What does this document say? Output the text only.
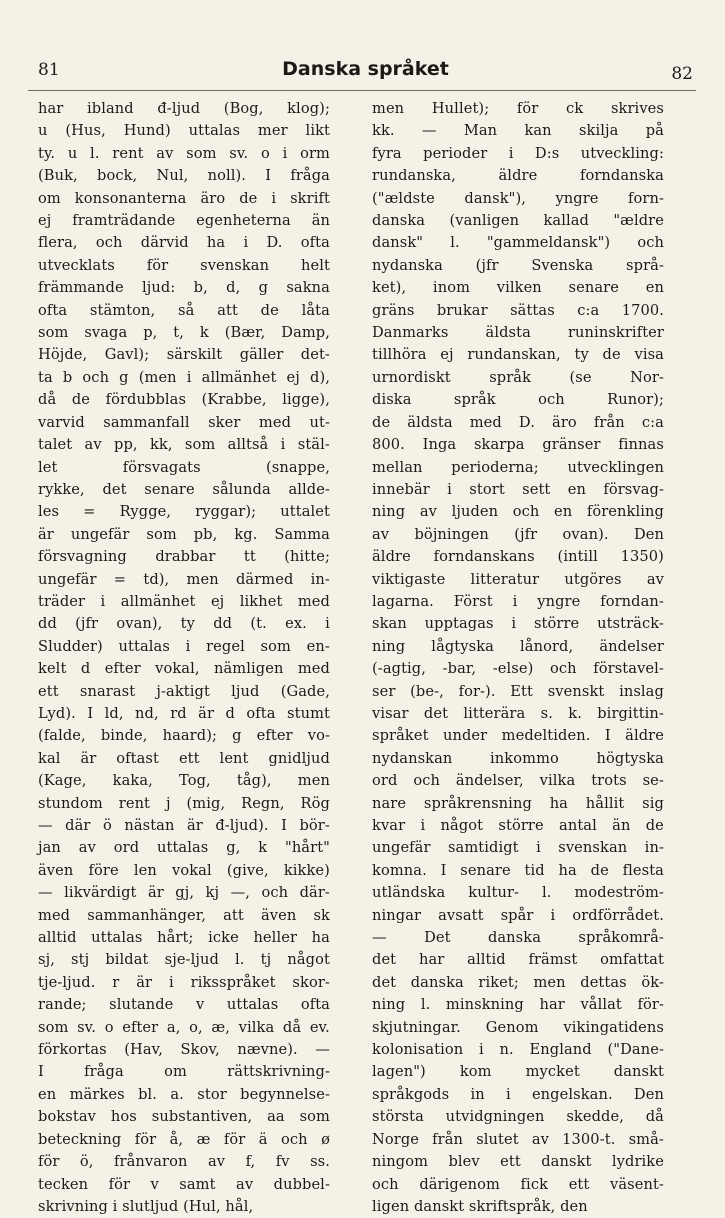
81	Danska språket	82
har ibland đ-ljud (Bog, klog);
u (Hus, Hund) uttalas mer likt
ty. u l. rent av som sv. o i orm
(Buk, bock, Nul, noll). I fråga
om konsonanterna äro de i skrift
ej framträdande egenheterna än
flera, och därvid ha i D. ofta
utvecklats för svenskan helt
främmande ljud: b, d, g sakna
ofta stämton, så att de låta
som svaga p, t, k (Bær, Damp,
Höjde, Gavl); särskilt gäller det-
ta b och g (men i allmänhet ej d),
då de fördubblas (Krabbe, ligge),
varvid sammanfall sker med ut-
talet av pp, kk, som alltså i stäl-
let	försvagats	(snappe,
rykke, det senare sålunda allde-
les = Rygge, ryggar); uttalet
är ungefär som pb, kg. Samma
försvagning drabbar tt (hitte;
ungefär = td), men därmed in-
träder i allmänhet ej likhet med
dd (jfr ovan), ty dd (t. ex. i
Sludder) uttalas i regel som en-
kelt d efter vokal, nämligen med
ett snarast j-aktigt ljud (Gade,
Lyd). I ld, nd, rd är d ofta stumt
(falde, binde, haard); g efter vo-
kal är oftast ett lent gnidljud
(Kage, kaka, Tog, tåg), men
stundom rent j (mig, Regn, Rög
— där ö nästan är đ-ljud). I bör-
jan av ord uttalas g, k "hårt"
även före len vokal (give, kikke)
— likvärdigt är gj, kj —, och där-
med sammanhänger, att även sk
alltid uttalas hårt; icke heller ha
sj, stj bildat sje-ljud l. tj något
tje-ljud. r är i riksspråket skor-
rande; slutande v uttalas ofta
som sv. o efter a, o, æ, vilka då ev.
förkortas (Hav, Skov, nævne). —
I	fråga	om	rättskrivning-
en märkes bl. a. stor begynnelse-
bokstav hos substantiven, aa som
beteckning för å, æ för ä och ø
för ö, frånvaron av f, fv ss.
tecken för v samt av dubbel-
skrivning i slutljud (Hul, hål,
men Hullet); för ck skrives
kk. — Man kan skilja på
fyra perioder i D:s utveckling:
rundanska,	äldre	forndanska
("ældste dansk"), yngre forn-
danska (vanligen kallad "ældre
dansk" l. "gammeldansk") och
nydanska (jfr Svenska språ-
ket), inom vilken senare en
gräns brukar sättas c:a 1700.
Danmarks	äldsta	runinskrifter
tillhöra ej rundanskan, ty de visa
urnordiskt	språk	(se	Nor-
diska	språk	och	Runor);
de äldsta med D. äro från c:a
800. Inga skarpa gränser finnas
mellan perioderna; utvecklingen
innebär i stort sett en försvag-
ning av ljuden och en förenkling
av böjningen (jfr ovan). Den
äldre forndanskans (intill 1350)
viktigaste litteratur utgöres av
lagarna. Först i yngre forndan-
skan upptagas i större utsträck-
ning lågtyska lånord, ändelser
(-agtig, -bar, -else) och förstavel-
ser (be-, for-). Ett svenskt inslag
visar det litterära s. k. birgittin-
språket under medeltiden. I äldre
nydanskan	inkommo	högtyska
ord och ändelser, vilka trots se-
nare språkrensning ha hållit sig
kvar i något större antal än de
ungefär samtidigt i svenskan in-
komna. I senare tid ha de flesta
utländska kultur- l. modeström-
ningar avsatt spår i ordförrådet.
—	Det	danska	språkområ-
det har alltid främst omfattat
det danska riket; men dettas ök-
ning l. minskning har vållat för-
skjutningar. Genom vikingatidens
kolonisation i n. England ("Dane-
lagen") kom mycket danskt
språkgods in i engelskan. Den
största utvidgningen skedde, då
Norge från slutet av 1300-t. små-
ningom blev ett danskt lydrike
och därigenom fick ett väsent-
ligen danskt skriftspråk, den
